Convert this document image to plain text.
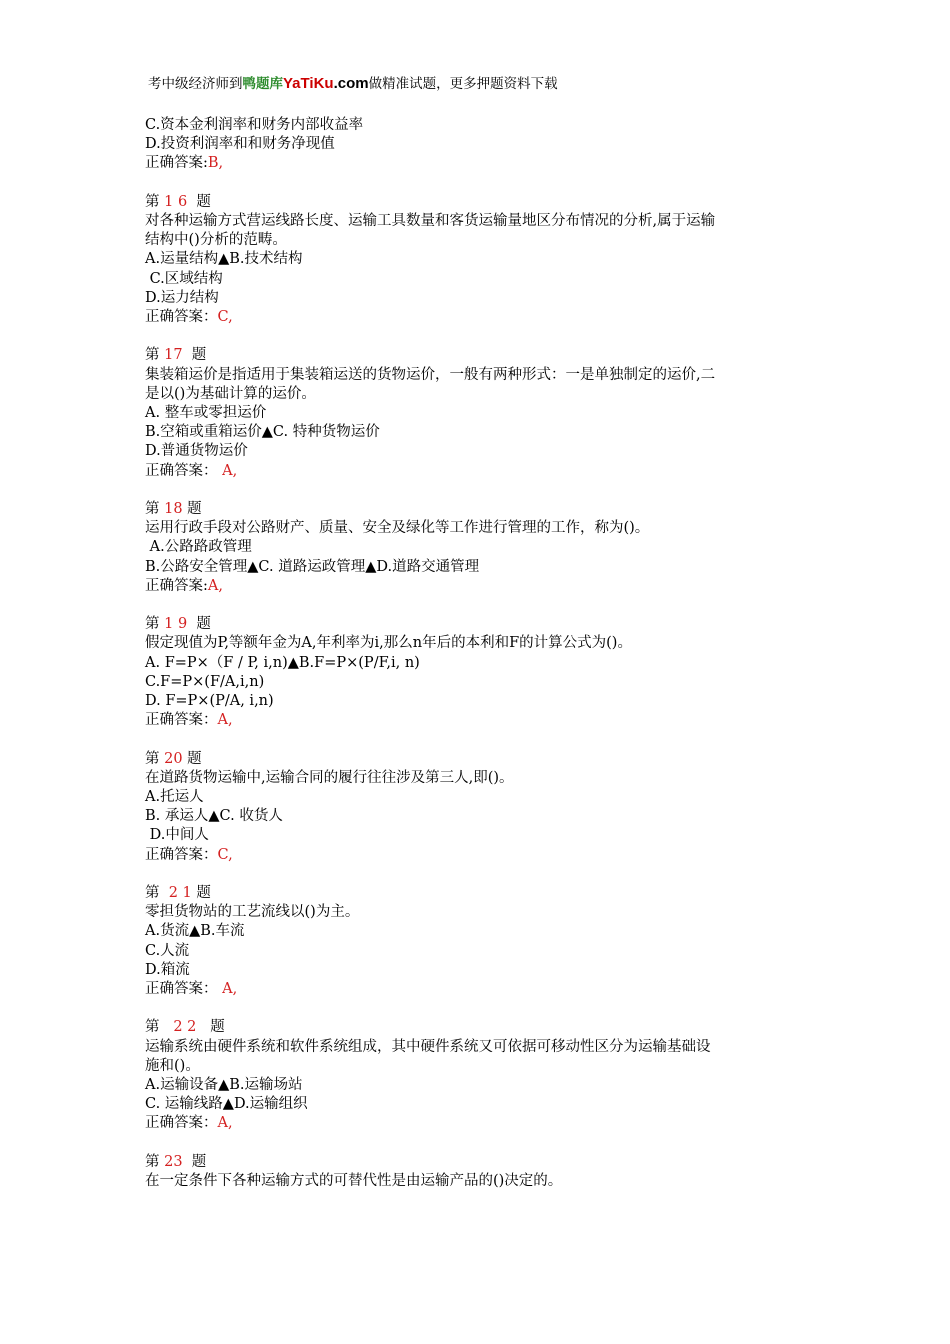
考中级经济师到鸭题库YaTiKu.com做精准试题，更多押题资料下载
C.资本金利润率和财务内部收益率
D.投资利润率和和财务净现值
正确答案:B,
第 1 6  题
对各种运输方式营运线路长度、运输工具数量和客货运输量地区分布情况的分析,属于运输
结构中()分析的范畴。
A.运量结构▲B.技术结构
C.区域结构
D.运力结构
正确答案：C,
第 17  题
集装箱运价是指适用于集装箱运送的货物运价，一般有两种形式：一是单独制定的运价,二
是以()为基础计算的运价。
A. 整车或零担运价
B.空箱或重箱运价▲C. 特种货物运价
D.普通货物运价
正确答案： A,
第 18 题
运用行政手段对公路财产、质量、安全及绿化等工作进行管理的工作，称为()。
A.公路路政管理
B.公路安全管理▲C. 道路运政管理▲D.道路交通管理
正确答案:A,
第 1 9  题
假定现值为P,等额年金为A,年利率为i,那么n年后的本利和F的计算公式为()。
A. F=P×（F / P, i,n)▲B.F=P×(P/F,i, n)
C.F=P×(F/A,i,n)
D. F=P×(P/A, i,n)
正确答案：A,
第 20 题
在道路货物运输中,运输合同的履行往往涉及第三人,即()。
A.托运人
B. 承运人▲C. 收货人
D.中间人
正确答案：C,
第  2 1 题
零担货物站的工艺流线以()为主。
A.货流▲B.车流
C.人流
D.箱流
正确答案： A,
第   2 2   题
运输系统由硬件系统和软件系统组成，其中硬件系统又可依据可移动性区分为运输基础设
施和()。
A.运输设备▲B.运输场站
C. 运输线路▲D.运输组织
正确答案：A,
第 23  题
在一定条件下各种运输方式的可替代性是由运输产品的()决定的。
